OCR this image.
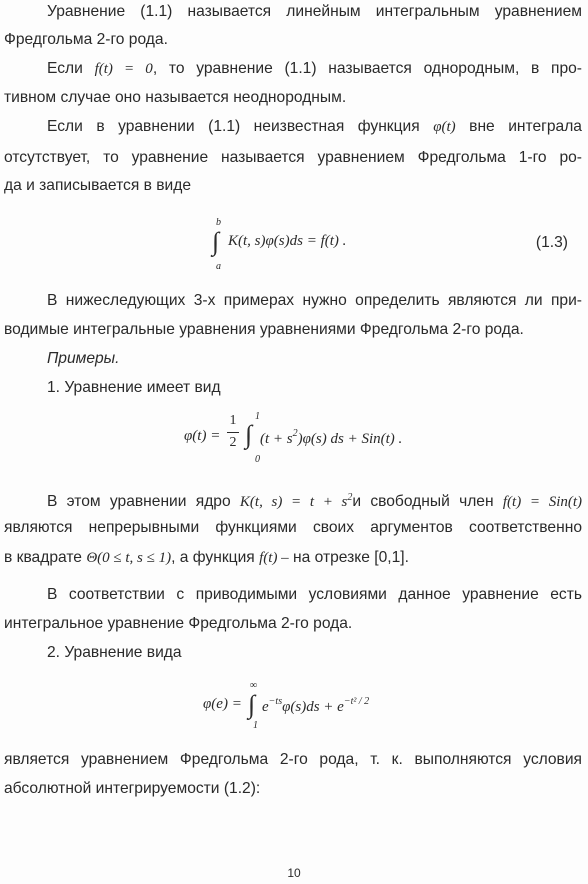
Уравнение (1.1) называется линейным интегральным уравнением
Фредгольма 2-го рода.
Если f(t) = 0, то уравнение (1.1) называется однородным, в про-
тивном случае оно называется неоднородным.
Если в уравнении (1.1) неизвестная функция φ(t) вне интеграла
отсутствует, то уравнение называется уравнением Фредгольма 1-го ро-
да и записывается в виде
b
∫
a
K(t, s)φ(s)ds = f(t) .	(1.3)
В нижеследующих 3-х примерах нужно определить являются ли при-
водимые интегральные уравнения уравнениями Фредгольма 2-го рода.
Примеры.
1. Уравнение имеет вид
φ(t) =
1
2
1
∫
0
$(t + s^2)\varphi(s)$ ds + Sin(t) .
В этом уравнении ядро K(t, $s) = t + s^2и$ свободный член f(t) = Sin(t)
являются непрерывными функциями своих аргументов соответственно
в квадрате Θ(0 ≤ t, s ≤ 1), а функция f(t) – на отрезке [0,1].
В соответствии с приводимыми условиями данное уравнение есть
интегральное уравнение Фредгольма 2-го рода.
2. Уравнение вида
φ(e) =
∞
∫
1
$e^{-ts}\varphi(s)ds + e^{-t^2 / 2}$
является уравнением Фредгольма 2-го рода, т. к. выполняются условия
абсолютной интегрируемости (1.2):
10
